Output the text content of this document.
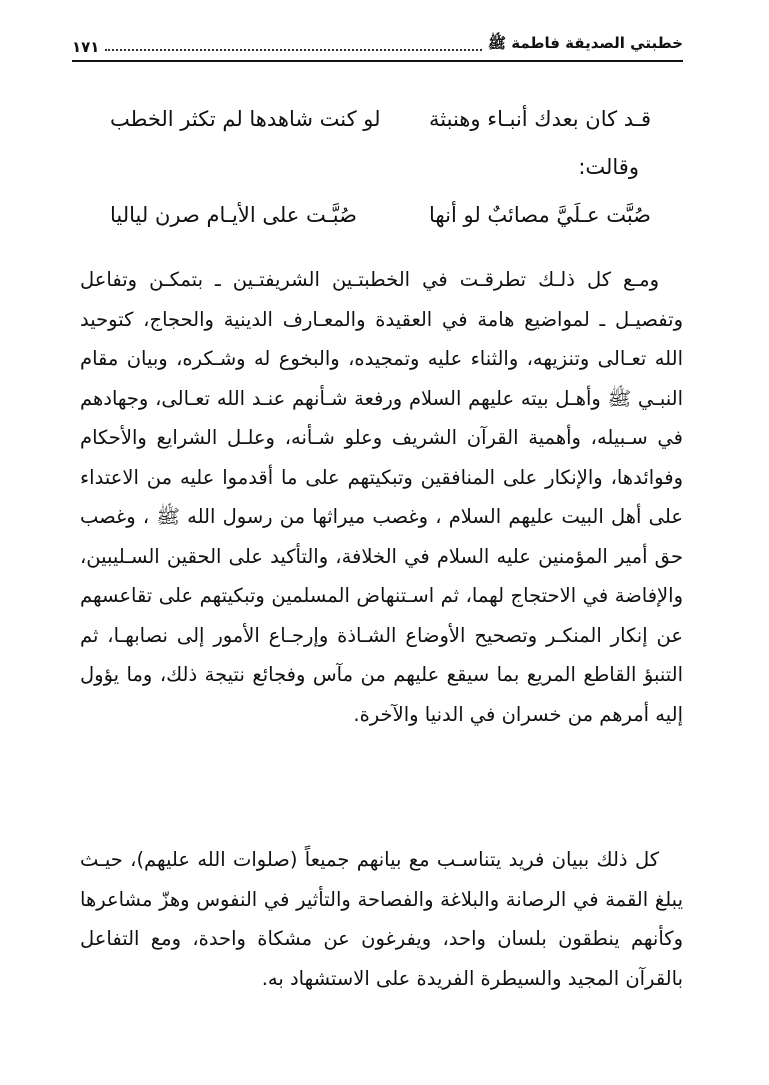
خطبتي الصديقة فاطمة ﷺ
١٧١
قـد كان بعدك أنبـاء وهنبثة
لو كنت شاهدها لم تكثر الخطب
وقالت:
صُبَّت عـلَيَّ مصائبٌ لو أنها
صُبَّـت على الأيـام صرن لياليا

ومـع كل ذلـك تطرقـت في الخطبتـين الشريفتـين ـ بتمكـن وتفاعل وتفصيـل ـ لمواضيع هامة في العقيدة والمعـارف الدينية والحجاج، كتوحيد الله تعـالى وتنزيهه، والثناء عليه وتمجيده، والبخوع له وشـكره، وبيان مقام النبـي ﷺ وأهـل بيته عليهم السلام ورفعة شـأنهم عنـد الله تعـالى، وجهادهم في سـبيله، وأهمية القرآن الشريف وعلو شـأنه، وعلـل الشرايع والأحكام وفوائدها، والإنكار على المنافقين وتبكيتهم على ما أقدموا عليه من الاعتداء على أهل البيت عليهم السلام ، وغصب ميراثها من رسول الله ﷺ ، وغصب حق أمير المؤمنين عليه السلام في الخلافة، والتأكيد على الحقين السـليبين، والإفاضة في الاحتجاج لهما، ثم اسـتنهاض المسلمين وتبكيتهم على تقاعسهم عن إنكار المنكـر وتصحيح الأوضاع الشـاذة وإرجـاع الأمور إلى نصابهـا، ثم التنبؤ القاطع المريع بما سيقع عليهم من مآس وفجائع نتيجة ذلك، وما يؤول إليه أمرهم من خسران في الدنيا والآخرة.

كل ذلك ببيان فريد يتناسـب مع بيانهم جميعاً (صلوات الله عليهم)، حيـث يبلغ القمة في الرصانة والبلاغة والفصاحة والتأثير في النفوس وهزّ مشاعرها وكأنهم ينطقون بلسان واحد، ويفرغون عن مشكاة واحدة، ومع التفاعل بالقرآن المجيد والسيطرة الفريدة على الاستشهاد به.
